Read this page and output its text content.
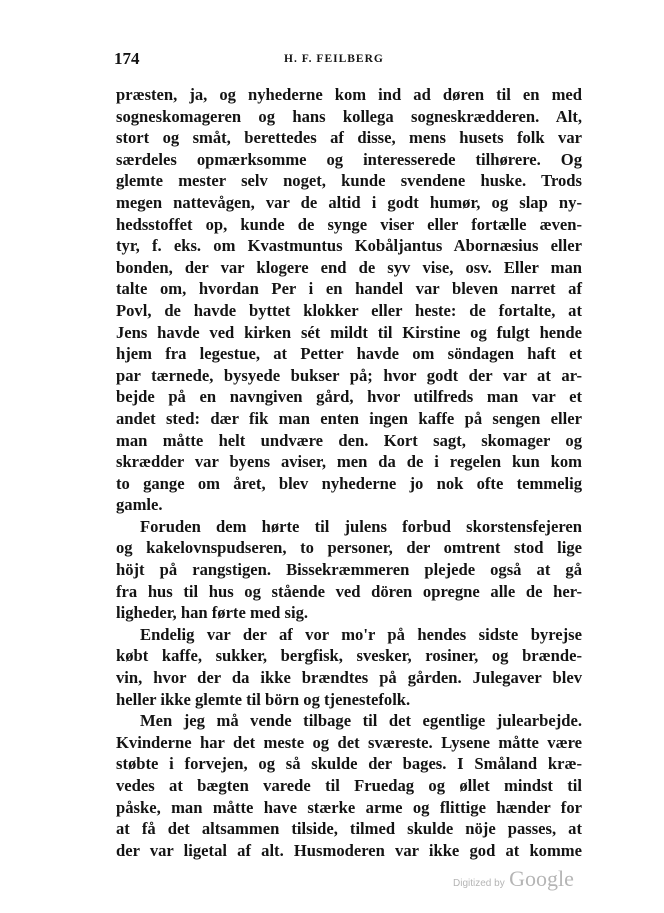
174	H. F. FEILBERG
præsten, ja, og nyhederne kom ind ad døren til en med
sogneskomageren og hans kollega sogneskrædderen. Alt,
stort og småt, berettedes af disse, mens husets folk var
særdeles opmærksomme og interesserede tilhørere. Og
glemte mester selv noget, kunde svendene huske. Trods
megen nattevågen, var de altid i godt humør, og slap ny-
hedsstoffet op, kunde de synge viser eller fortælle æven-
tyr, f. eks. om Kvastmuntus Kobåljantus Abornæsius eller
bonden, der var klogere end de syv vise, osv. Eller man
talte om, hvordan Per i en handel var bleven narret af
Povl, de havde byttet klokker eller heste: de fortalte, at
Jens havde ved kirken sét mildt til Kirstine og fulgt hende
hjem fra legestue, at Petter havde om söndagen haft et
par tærnede, bysyede bukser på; hvor godt der var at ar-
bejde på en navngiven gård, hvor utilfreds man var et
andet sted: dær fik man enten ingen kaffe på sengen eller
man måtte helt undvære den. Kort sagt, skomager og
skrædder var byens aviser, men da de i regelen kun kom
to gange om året, blev nyhederne jo nok ofte temmelig
gamle.
Foruden dem hørte til julens forbud skorstensfejeren
og kakelovnspudseren, to personer, der omtrent stod lige
höjt på rangstigen. Bissekræmmeren plejede også at gå
fra hus til hus og stående ved dören opregne alle de her-
ligheder, han førte med sig.
Endelig var der af vor mo'r på hendes sidste byrejse
købt kaffe, sukker, bergfisk, svesker, rosiner, og brænde-
vin, hvor der da ikke brændtes på gården. Julegaver blev
heller ikke glemte til börn og tjenestefolk.
Men jeg må vende tilbage til det egentlige julearbejde.
Kvinderne har det meste og det sværeste. Lysene måtte være
støbte i forvejen, og så skulde der bages. I Småland kræ-
vedes at bægten varede til Fruedag og øllet mindst til
påske, man måtte have stærke arme og flittige hænder for
at få det altsammen tilside, tilmed skulde nöje passes, at
der var ligetal af alt. Husmoderen var ikke god at komme
Digitized by Google
